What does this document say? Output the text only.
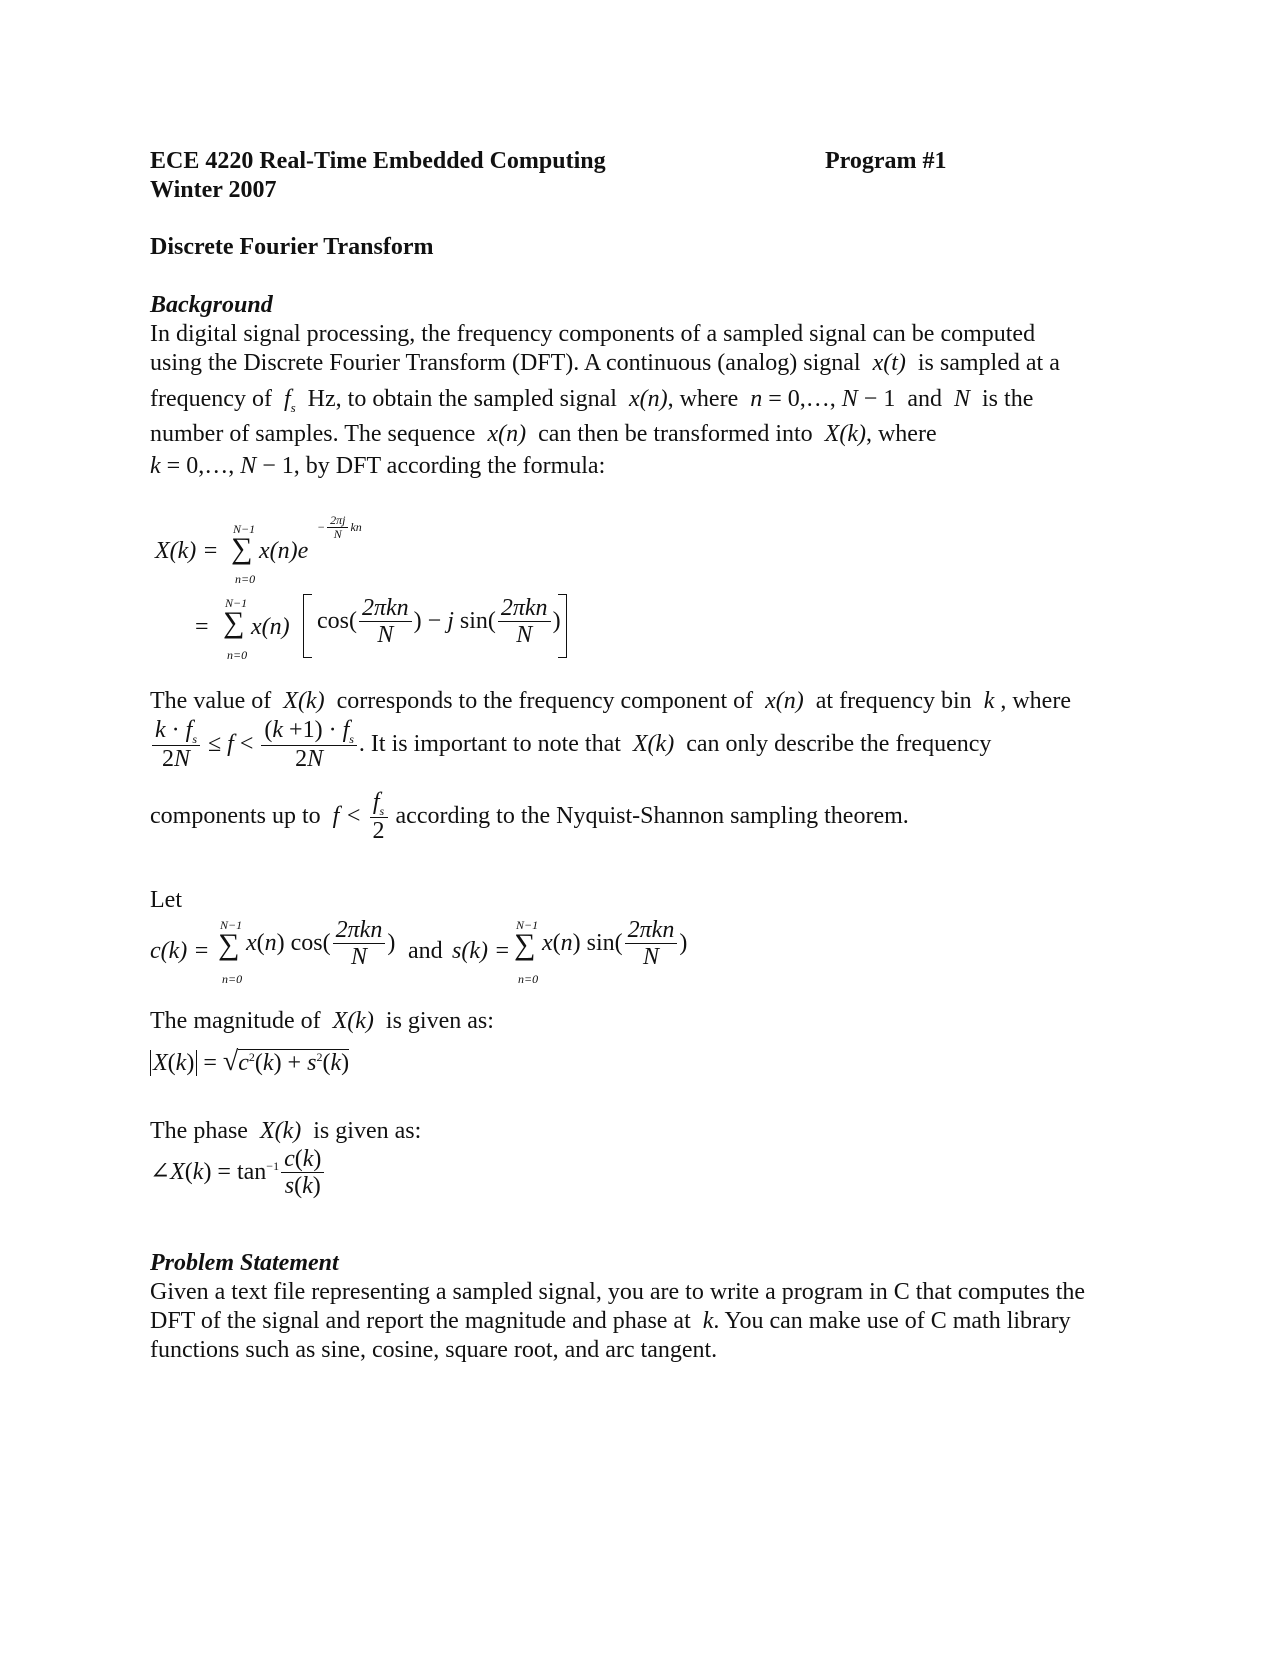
ECE 4220 Real-Time Embedded Computing	Program #1
Winter 2007
Discrete Fourier Transform
Background
In digital signal processing, the frequency components of a sampled signal can be computed
using the Discrete Fourier Transform (DFT). A continuous (analog) signal  x(t)  is sampled at a
frequency of  $f_s$ Hz, to obtain the sampled signal  x(n), where n = 0,…, N − 1  and  N  is the
number of samples. The sequence  x(n)  can then be transformed into  X(k), where
k = 0,…, N − 1, by DFT according the formula:
X(k) =
N−1
∑
n=0
x(n)e
− $\frac{2\pi j}{N}$ kn
=
N−1
∑
n=0
x(n) $\cos( \frac{\text{2πkn}}{N}$ ) − j $\sin( \frac{\text{2πkn}}{N}$ )
The value of  X(k)  corresponds to the frequency component of  x(n)  at frequency bin  k , where
$\frac{k \cdot f_s}{2N} \le f < \frac{(k +1) \cdot f_s}{2N}$ . It is important to note that  X(k)  can only describe the frequency
components up to  $f < \frac{f_s}{2}$ according to the Nyquist-Shannon sampling theorem.
Let
c(k) =
N−1
∑
n=0
x(n) $\cos( \frac{\text{2πkn}}{N}$ ) and s(k) =
N−1
∑
n=0
x(n) $\sin( \frac{\text{2πkn}}{N}$ )
The magnitude of  X(k)  is given as:
$X(k) = √c^2(k) + s^2(k)$
The phase  X(k)  is given as:
∠X(k) = $\tan^{-1} \frac{c(k)}{s(k)}$
Problem Statement
Given a text file representing a sampled signal, you are to write a program in C that computes the
DFT of the signal and report the magnitude and phase at  k. You can make use of C math library
functions such as sine, cosine, square root, and arc tangent.
